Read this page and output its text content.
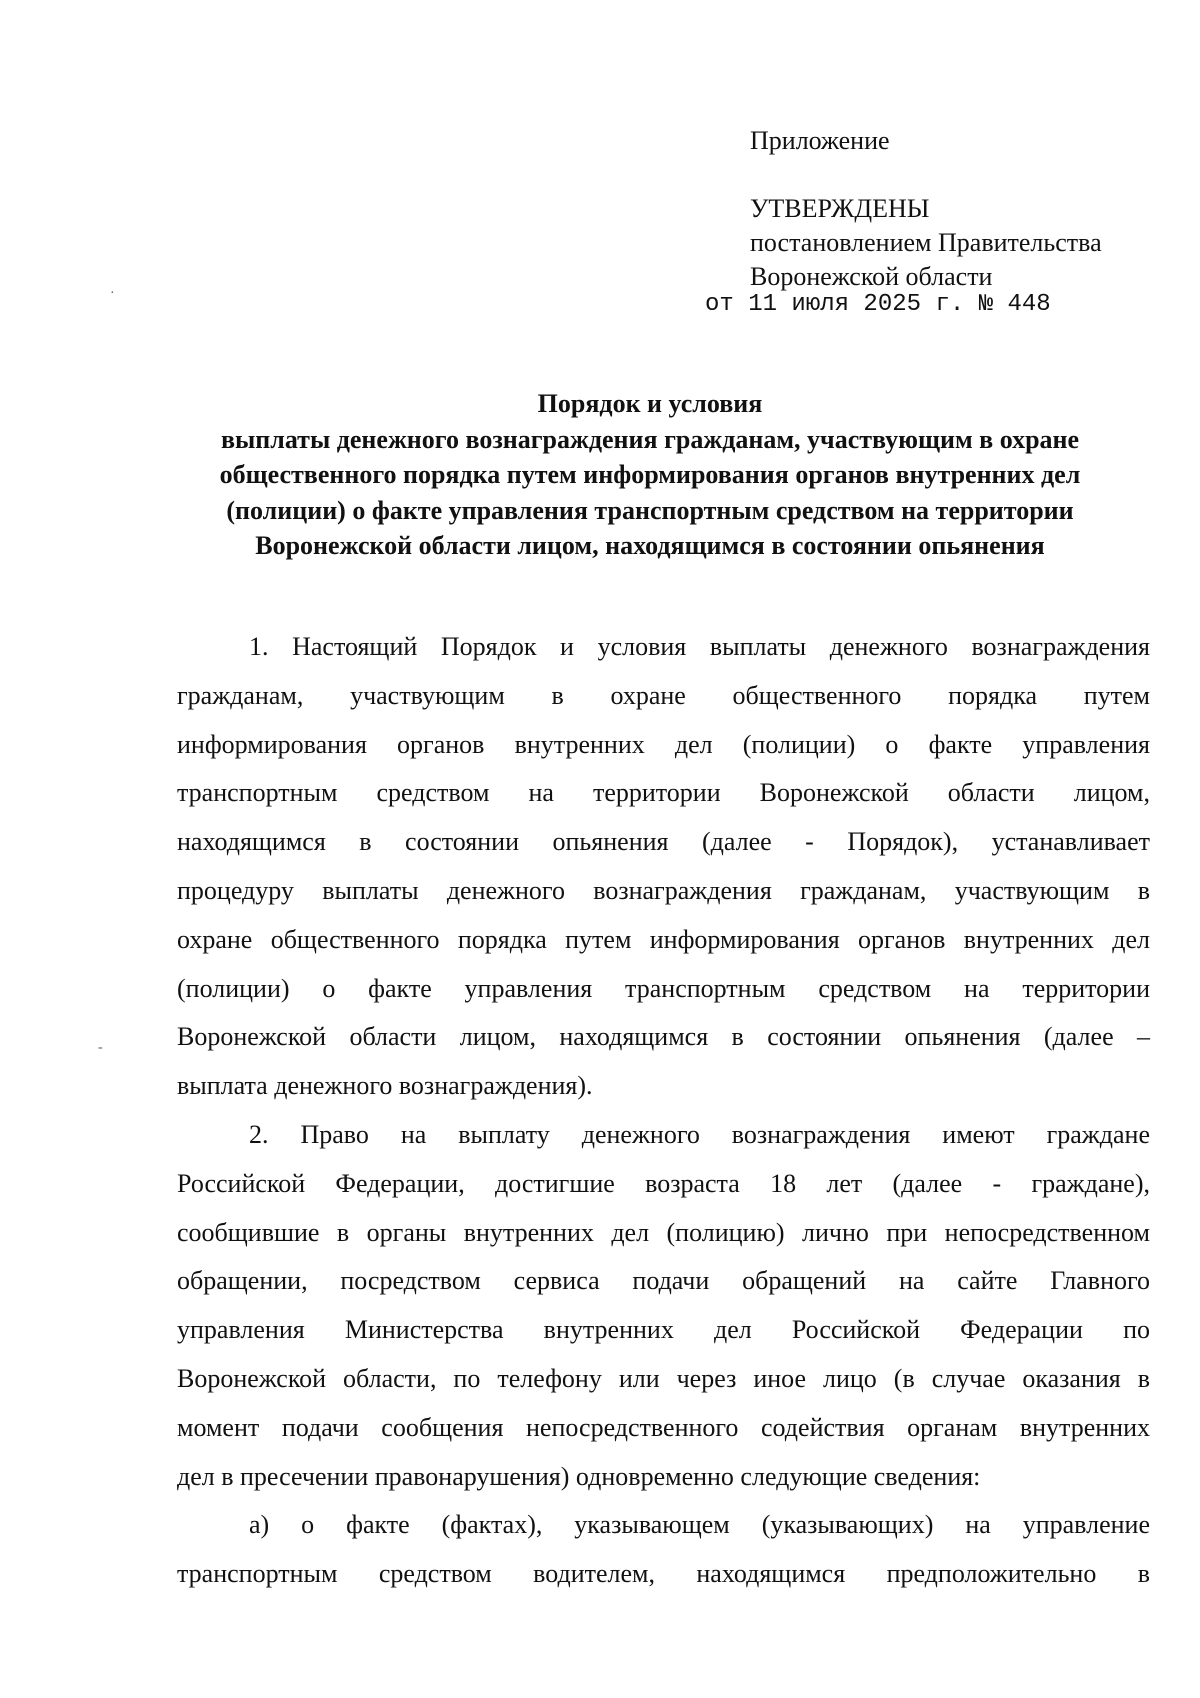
·
-
Приложение
УТВЕРЖДЕНЫ
постановлением Правительства
Воронежской области
от 11 июля 2025 г. № 448
Порядок и условия
выплаты денежного вознаграждения гражданам, участвующим в охране
общественного порядка путем информирования органов внутренних дел
(полиции) о факте управления транспортным средством на территории
Воронежской области лицом, находящимся в состоянии опьянения
1. Настоящий Порядок и условия выплаты денежного вознаграждения
гражданам, участвующим в охране общественного порядка путем
информирования органов внутренних дел (полиции) о факте управления
транспортным средством на территории Воронежской области лицом,
находящимся в состоянии опьянения (далее - Порядок), устанавливает
процедуру выплаты денежного вознаграждения гражданам, участвующим в
охране общественного порядка путем информирования органов внутренних дел
(полиции) о факте управления транспортным средством на территории
Воронежской области лицом, находящимся в состоянии опьянения (далее –
выплата денежного вознаграждения).
2. Право на выплату денежного вознаграждения имеют граждане
Российской Федерации, достигшие возраста 18 лет (далее - граждане),
сообщившие в органы внутренних дел (полицию) лично при непосредственном
обращении, посредством сервиса подачи обращений на сайте Главного
управления Министерства внутренних дел Российской Федерации по
Воронежской области, по телефону или через иное лицо (в случае оказания в
момент подачи сообщения непосредственного содействия органам внутренних
дел в пресечении правонарушения) одновременно следующие сведения:
а) о факте (фактах), указывающем (указывающих) на управление
транспортным средством водителем, находящимся предположительно в
